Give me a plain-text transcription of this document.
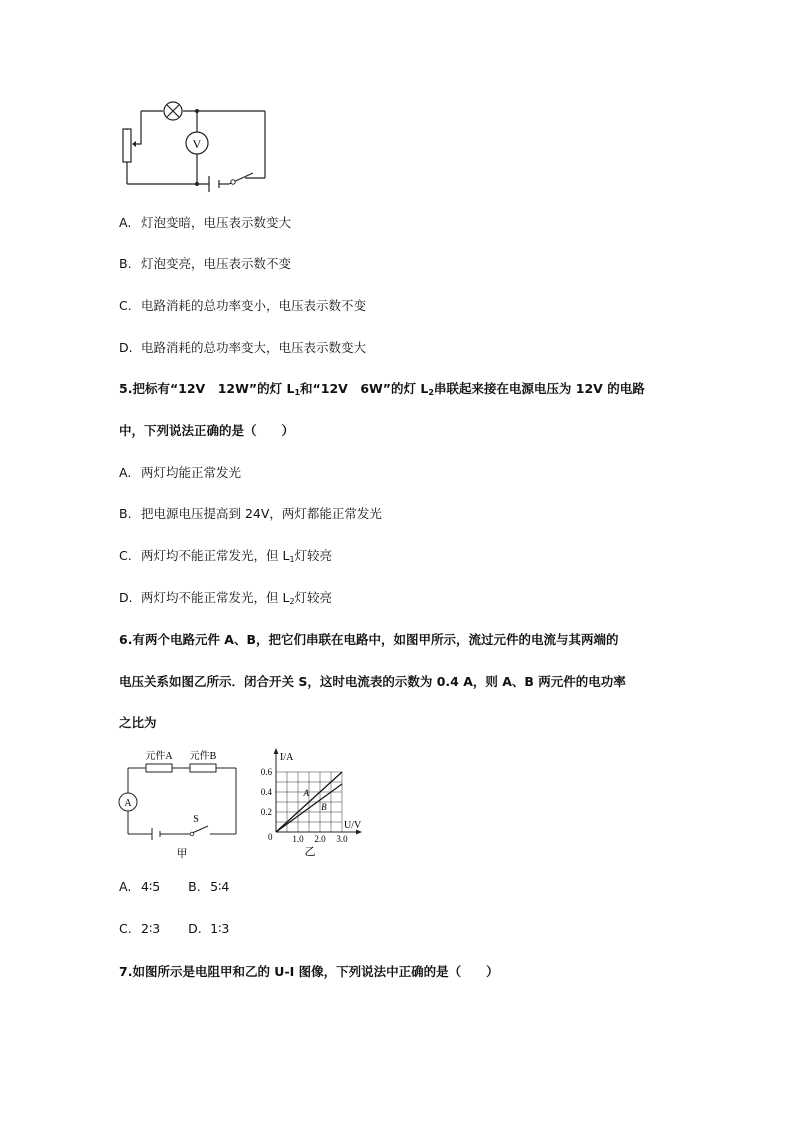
V
A. 灯泡变暗，电压表示数变大
B. 灯泡变亮，电压表示数不变
C. 电路消耗的总功率变小，电压表示数不变
D. 电路消耗的总功率变大，电压表示数变大
5.把标有“12V　12W”的灯 $L_1$和“12V　6W”的灯 $L_2$串联起来接在电源电压为 12V 的电路
中，下列说法正确的是（　　）
A. 两灯均能正常发光
B. 把电源电压提高到 24V，两灯都能正常发光
C. 两灯均不能正常发光，但 $L_1$灯较亮
D. 两灯均不能正常发光，但 $L_2$灯较亮
6.有两个电路元件 A、B，把它们串联在电路中，如图甲所示，流过元件的电流与其两端的
电压关系如图乙所示．闭合开关 S，这时电流表的示数为 0.4 A，则 A、B 两元件的电功率
之比为
元件A 元件B
A
S
甲
0.6
0.4
0.2
1.0 2.0 3.0
A
B
I/A
U/V
0
乙
A. 4∶5 B. 5∶4
C. 2∶3 D. 1∶3
7.如图所示是电阻甲和乙的 U-I 图像，下列说法中正确的是（　　）
